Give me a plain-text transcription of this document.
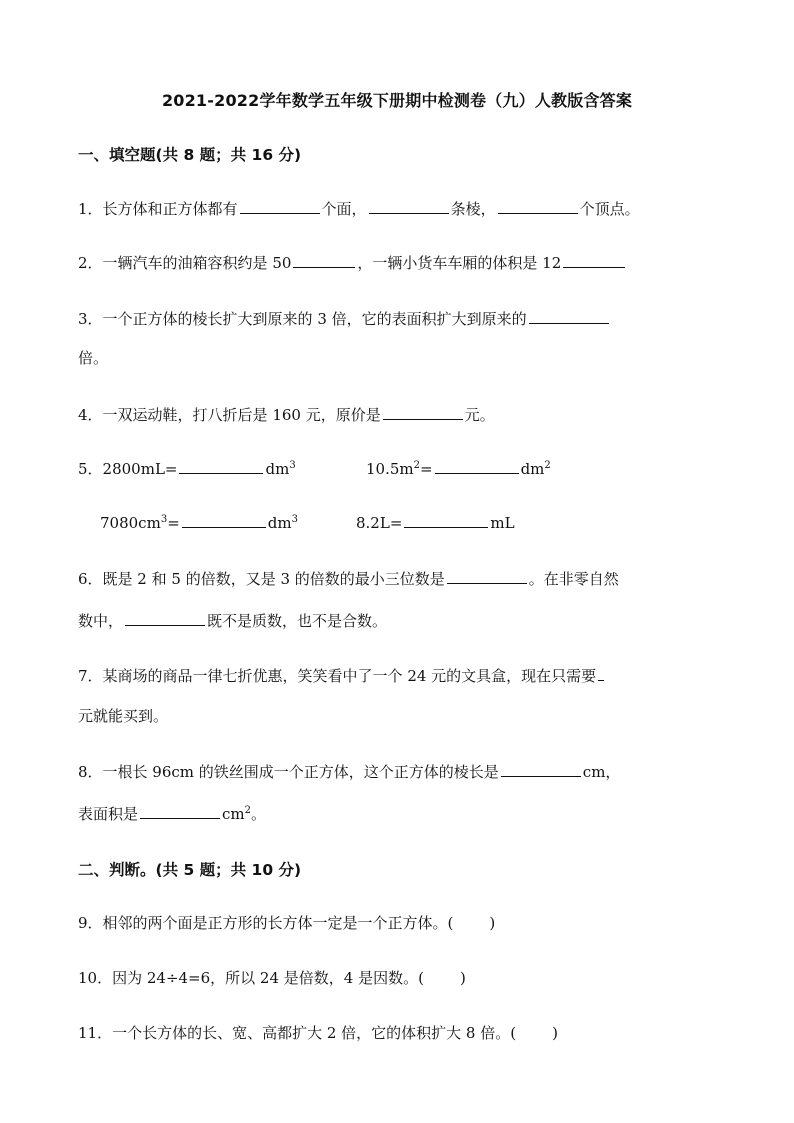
2021-2022学年数学五年级下册期中检测卷（九）人教版含答案
一、填空题(共 8 题；共 16 分)
1．长方体和正方体都有	个面，	条棱，	个顶点。
2．一辆汽车的油箱容积约是 50	，一辆小货车车厢的体积是 12
3．一个正方体的棱长扩大到原来的 3 倍，它的表面积扩大到原来的
倍。
4．一双运动鞋，打八折后是 160 元，原价是	元。
5．2800mL=	$dm^3$	$10.5m^2=$	$dm^2$
$7080cm^3=$	$dm^3$	8.2L=	mL
6．既是 2 和 5 的倍数，又是 3 的倍数的最小三位数是	。在非零自然
数中，	既不是质数，也不是合数。
7．某商场的商品一律七折优惠，笑笑看中了一个 24 元的文具盒，现在只需要
元就能买到。
8．一根长 96cm 的铁丝围成一个正方体，这个正方体的棱长是	cm，
表面积是	$cm^2$。
二、判断。(共 5 题；共 10 分)
9．相邻的两个面是正方形的长方体一定是一个正方体。( )
10．因为 24÷4=6，所以 24 是倍数，4 是因数。( )
11．一个长方体的长、宽、高都扩大 2 倍，它的体积扩大 8 倍。( )
